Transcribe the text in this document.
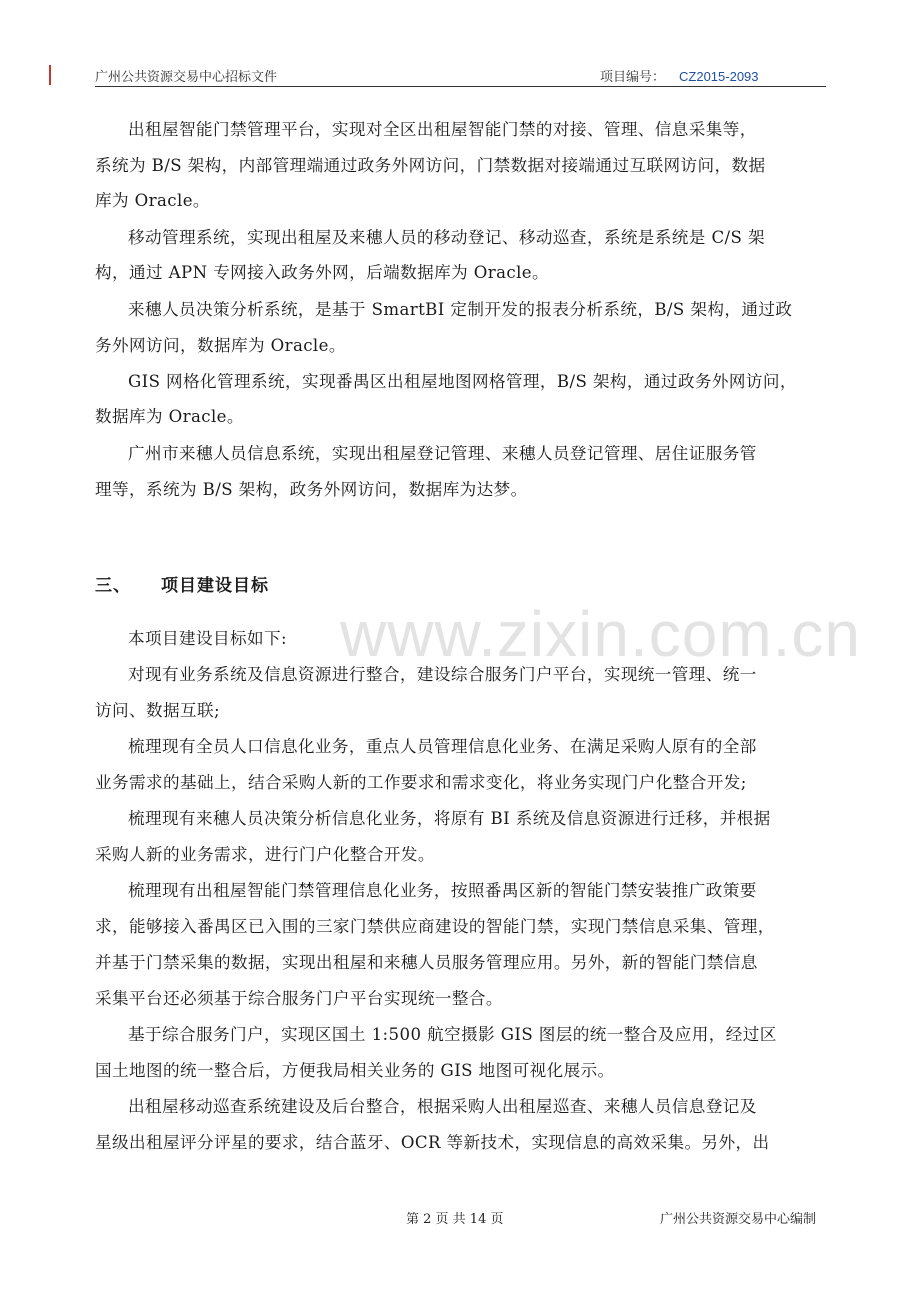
广州公共资源交易中心招标文件	项目编号： CZ2015-2093
www.zixin.com.cn
出租屋智能门禁管理平台，实现对全区出租屋智能门禁的对接、管理、信息采集等，
系统为 B/S 架构，内部管理端通过政务外网访问，门禁数据对接端通过互联网访问，数据
库为 Oracle。
移动管理系统，实现出租屋及来穗人员的移动登记、移动巡查，系统是系统是 C/S 架
构，通过 APN 专网接入政务外网，后端数据库为 Oracle。
来穗人员决策分析系统，是基于 SmartBI 定制开发的报表分析系统，B/S 架构，通过政
务外网访问，数据库为 Oracle。
GIS 网格化管理系统，实现番禺区出租屋地图网格管理，B/S 架构，通过政务外网访问，
数据库为 Oracle。
广州市来穗人员信息系统，实现出租屋登记管理、来穗人员登记管理、居住证服务管
理等，系统为 B/S 架构，政务外网访问，数据库为达梦。
三、 项目建设目标
本项目建设目标如下:
对现有业务系统及信息资源进行整合，建设综合服务门户平台，实现统一管理、统一
访问、数据互联;
梳理现有全员人口信息化业务，重点人员管理信息化业务、在满足采购人原有的全部
业务需求的基础上，结合采购人新的工作要求和需求变化，将业务实现门户化整合开发;
梳理现有来穗人员决策分析信息化业务，将原有 BI 系统及信息资源进行迁移，并根据
采购人新的业务需求，进行门户化整合开发。
梳理现有出租屋智能门禁管理信息化业务，按照番禺区新的智能门禁安装推广政策要
求，能够接入番禺区已入围的三家门禁供应商建设的智能门禁，实现门禁信息采集、管理，
并基于门禁采集的数据，实现出租屋和来穗人员服务管理应用。另外，新的智能门禁信息
采集平台还必须基于综合服务门户平台实现统一整合。
基于综合服务门户，实现区国土 1:500 航空摄影 GIS 图层的统一整合及应用，经过区
国土地图的统一整合后，方便我局相关业务的 GIS 地图可视化展示。
出租屋移动巡查系统建设及后台整合，根据采购人出租屋巡查、来穗人员信息登记及
星级出租屋评分评星的要求，结合蓝牙、OCR 等新技术，实现信息的高效采集。另外，出
第 2 页 共 14 页	广州公共资源交易中心编制
